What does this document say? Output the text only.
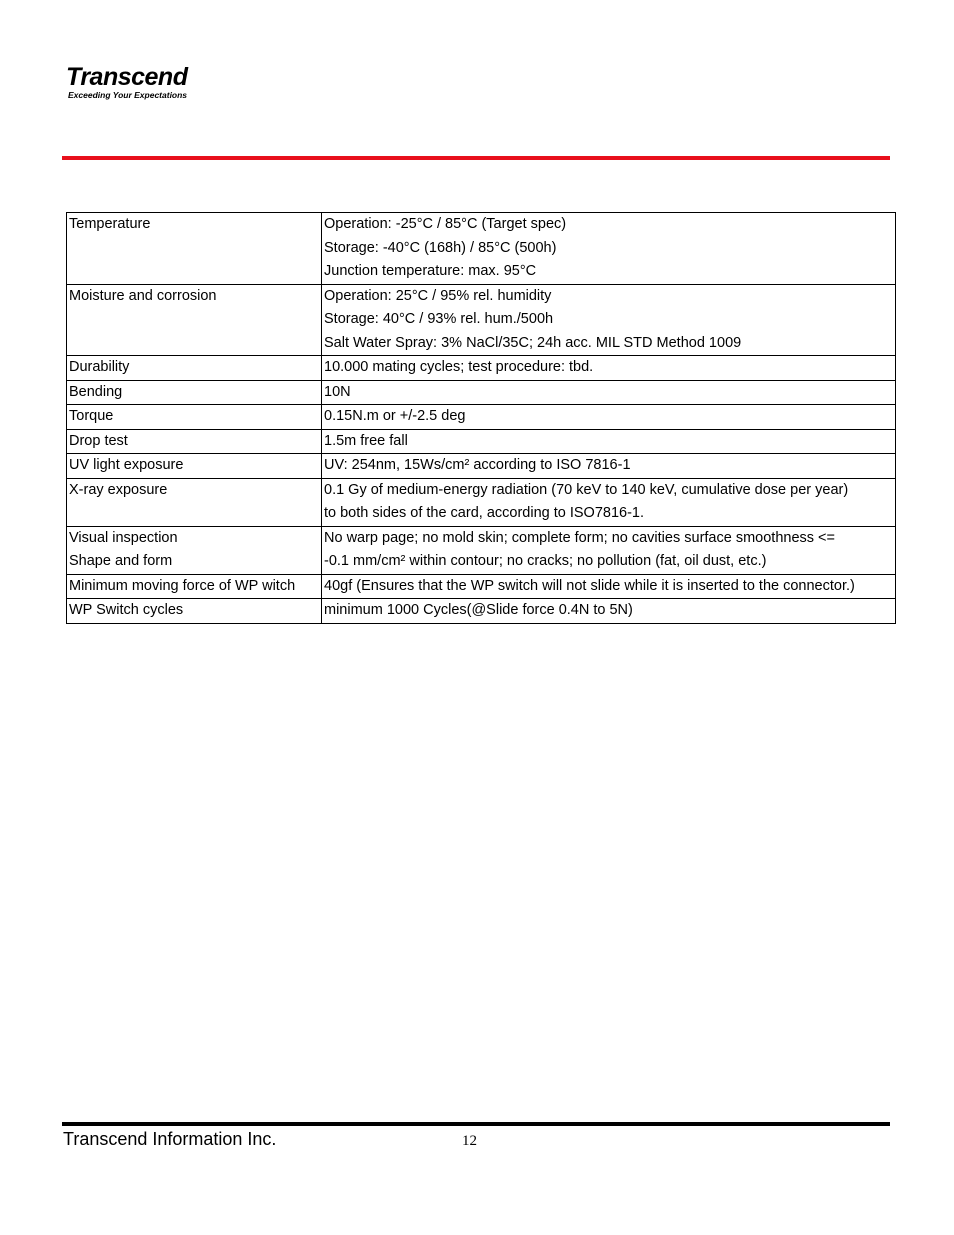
Transcend
Exceeding Your Expectations
Temperature	Operation: -25°C / 85°C (Target spec)
Storage: -40°C (168h) / 85°C (500h)
Junction temperature: max. 95°C

Moisture and corrosion	Operation: 25°C / 95% rel. humidity
Storage: 40°C / 93% rel. hum./500h
Salt Water Spray: 3% NaCl/35C; 24h acc. MIL STD Method 1009

Durability	10.000 mating cycles; test procedure: tbd.

Bending	10N

Torque	0.15N.m or +/-2.5 deg

Drop test	1.5m free fall

UV light exposure	UV: 254nm, 15Ws/cm² according to ISO 7816-1

X-ray exposure	0.1 Gy of medium-energy radiation (70 keV to 140 keV, cumulative dose per year)
to both sides of the card, according to ISO7816-1.

Visual inspection
Shape and form	No warp page; no mold skin; complete form; no cavities surface smoothness <=
-0.1 mm/cm² within contour; no cracks; no pollution (fat, oil dust, etc.)

Minimum moving force of WP witch	40gf (Ensures that the WP switch will not slide while it is inserted to the connector.)

WP Switch cycles	minimum 1000 Cycles(@Slide force 0.4N to 5N)
Transcend Information Inc.	12
